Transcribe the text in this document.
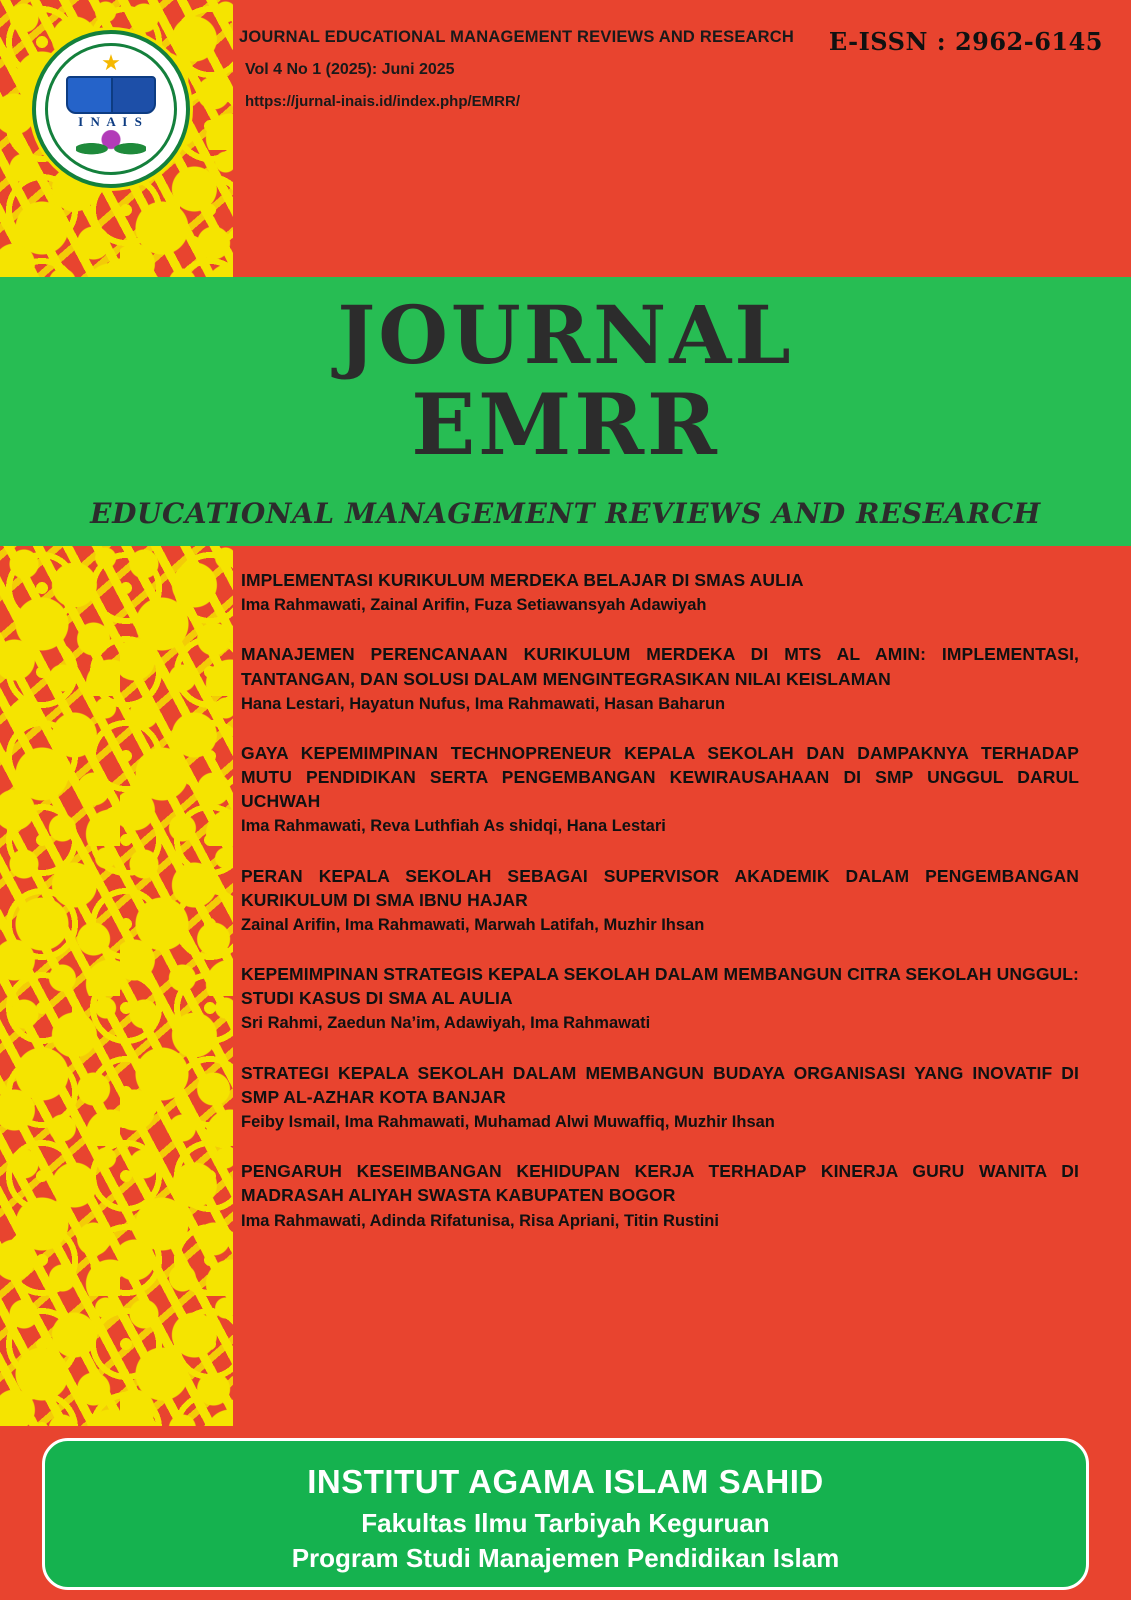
JOURNAL EDUCATIONAL MANAGEMENT REVIEWS AND RESEARCH
Vol 4 No 1 (2025): Juni 2025
https://jurnal-inais.id/index.php/EMRR/
E-ISSN : 2962-6145
★
I N A I S
JOURNAL
EMRR
EDUCATIONAL MANAGEMENT REVIEWS AND RESEARCH
IMPLEMENTASI KURIKULUM MERDEKA BELAJAR DI SMAS AULIA
Ima Rahmawati, Zainal Arifin, Fuza Setiawansyah Adawiyah
MANAJEMEN PERENCANAAN KURIKULUM MERDEKA DI MTS AL AMIN: IMPLEMENTASI, TANTANGAN, DAN SOLUSI DALAM MENGINTEGRASIKAN NILAI KEISLAMAN
Hana Lestari, Hayatun Nufus, Ima Rahmawati, Hasan Baharun
GAYA KEPEMIMPINAN TECHNOPRENEUR KEPALA SEKOLAH DAN DAMPAKNYA TERHADAP MUTU PENDIDIKAN SERTA PENGEMBANGAN KEWIRAUSAHAAN DI SMP UNGGUL DARUL UCHWAH
Ima Rahmawati, Reva Luthfiah As shidqi, Hana Lestari
PERAN KEPALA SEKOLAH SEBAGAI SUPERVISOR AKADEMIK DALAM PENGEMBANGAN KURIKULUM DI SMA IBNU HAJAR
Zainal Arifin, Ima Rahmawati, Marwah Latifah, Muzhir Ihsan
KEPEMIMPINAN STRATEGIS KEPALA SEKOLAH DALAM MEMBANGUN CITRA SEKOLAH UNGGUL: STUDI KASUS DI SMA AL AULIA
Sri Rahmi, Zaedun Na’im, Adawiyah, Ima Rahmawati
STRATEGI KEPALA SEKOLAH DALAM MEMBANGUN BUDAYA ORGANISASI YANG INOVATIF DI SMP AL-AZHAR KOTA BANJAR
Feiby Ismail, Ima Rahmawati, Muhamad Alwi Muwaffiq, Muzhir Ihsan
PENGARUH KESEIMBANGAN KEHIDUPAN KERJA TERHADAP KINERJA GURU WANITA DI MADRASAH ALIYAH SWASTA KABUPATEN BOGOR
Ima Rahmawati, Adinda Rifatunisa, Risa Apriani, Titin Rustini
INSTITUT AGAMA ISLAM SAHID
Fakultas Ilmu Tarbiyah Keguruan
Program Studi Manajemen Pendidikan Islam
